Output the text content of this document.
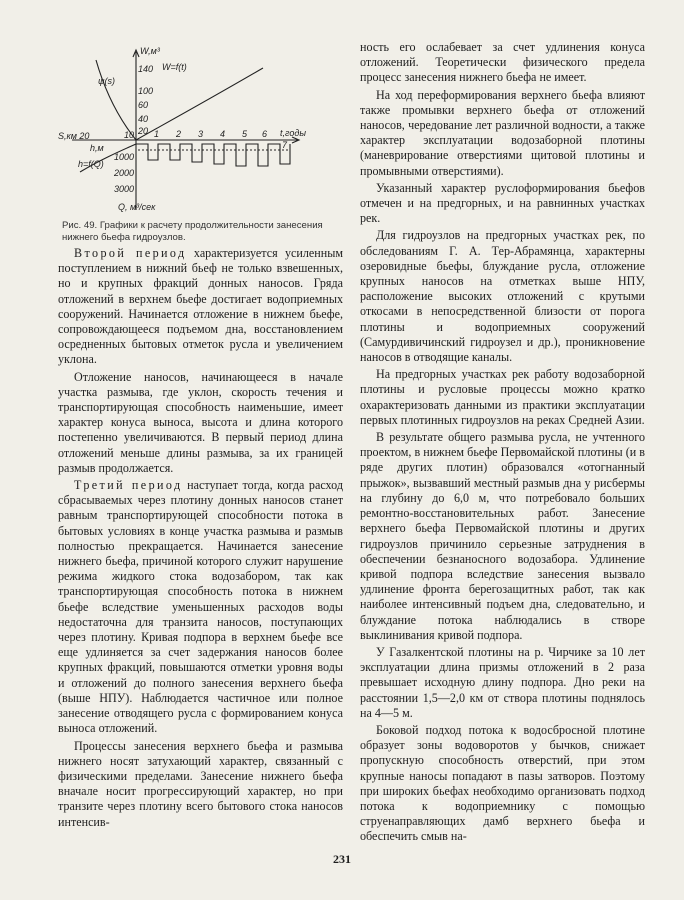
W,м³
W=f(t)
ψ(s)
S,км 20
h,м
h=f(Q)
Q, м³/сек
t,годы
140
100
60
40
20
10 1 2 3 4 5 6
7
1000
2000
3000

Рис. 49. Графики к расчету продолжительности занесения нижнего бьефа гидроузлов.

Второй период характеризуется усиленным поступлением в нижний бьеф не только взвешенных, но и крупных фракций донных наносов. Гряда отложений в верхнем бьефе достигает водоприемных сооружений. Начинается отложение в нижнем бьефе, сопровождающееся подъемом дна, восстановлением осредненных бытовых отметок русла и увеличением уклона.

Отложение наносов, начинающееся в начале участка размыва, где уклон, скорость течения и транспортирующая способность наименьшие, имеет характер конуса выноса, высота и длина которого постепенно увеличиваются. В первый период длина отложений меньше длины размыва, за их границей размыв продолжается.

Третий период наступает тогда, когда расход сбрасываемых через плотину донных наносов станет равным транспортирующей способности потока в бытовых условиях в конце участка размыва и размыв полностью прекращается. Начинается занесение нижнего бьефа, причиной которого служит нарушение режима жидкого стока водозабором, так как транспортирующая способность потока в нижнем бьефе вследствие уменьшенных расходов воды недостаточна для транзита наносов, поступающих через плотину. Кривая подпора в верхнем бьефе все еще удлиняется за счет задержания наносов более крупных фракций, повышаются отметки уровня воды и отложений до полного занесения верхнего бьефа (выше НПУ). Наблюдается частичное или полное занесение отводящего русла с формированием конуса выноса отложений.

Процессы занесения верхнего бьефа и размыва нижнего носят затухающий характер, связанный с физическими пределами. Занесение нижнего бьефа вначале носит прогрессирующий характер, но при транзите через плотину всего бытового стока наносов интенсив-

ность его ослабевает за счет удлинения конуса отложений. Теоретически физического предела процесс занесения нижнего бьефа не имеет.

На ход переформирования верхнего бьефа влияют также промывки верхнего бьефа от отложений наносов, чередование лет различной водности, а также характер эксплуатации водозаборной плотины (маневрирование отверстиями щитовой плотины и промывными отверстиями).

Указанный характер руслоформирования бьефов отмечен и на предгорных, и на равнинных участках рек.

Для гидроузлов на предгорных участках рек, по обследованиям Г. А. Тер-Абрамянца, характерны озеровидные бьефы, блуждание русла, отложение крупных наносов на отметках выше НПУ, расположение высоких отложений с крутыми откосами в непосредственной близости от порога плотины и водоприемных сооружений (Самурдивичинский гидроузел и др.), проникновение наносов в отводящие каналы.

На предгорных участках рек работу водозаборной плотины и русловые процессы можно кратко охарактеризовать данными из практики эксплуатации первых плотинных гидроузлов на реках Средней Азии.

В результате общего размыва русла, не учтенного проектом, в нижнем бьефе Первомайской плотины (и в ряде других плотин) образовался «отогнанный прыжок», вызвавший местный размыв дна у рисбермы на глубину до 6,0 м, что потребовало больших ремонтно-восстановительных работ. Занесение верхнего бьефа Первомайской плотины и других гидроузлов причинило серьезные затруднения в обеспечении безнаносного водозабора. Удлинение кривой подпора вследствие занесения вызвало удлинение фронта берегозащитных работ, так как наиболее интенсивный подъем дна, следовательно, и блуждание потока наблюдались в створе выклинивания кривой подпора.

У Газалкентской плотины на р. Чирчике за 10 лет эксплуатации длина призмы отложений в 2 раза превышает исходную длину подпора. Дно реки на расстоянии 1,5—2,0 км от створа плотины поднялось на 4—5 м.

Боковой подход потока к водосбросной плотине образует зоны водоворотов у бычков, снижает пропускную способность отверстий, при этом крупные наносы попадают в пазы затворов. Поэтому при широких бьефах необходимо организовать подход потока к водоприемнику с помощью струенаправляющих дамб верхнего бьефа и обеспечить смыв на-

231
